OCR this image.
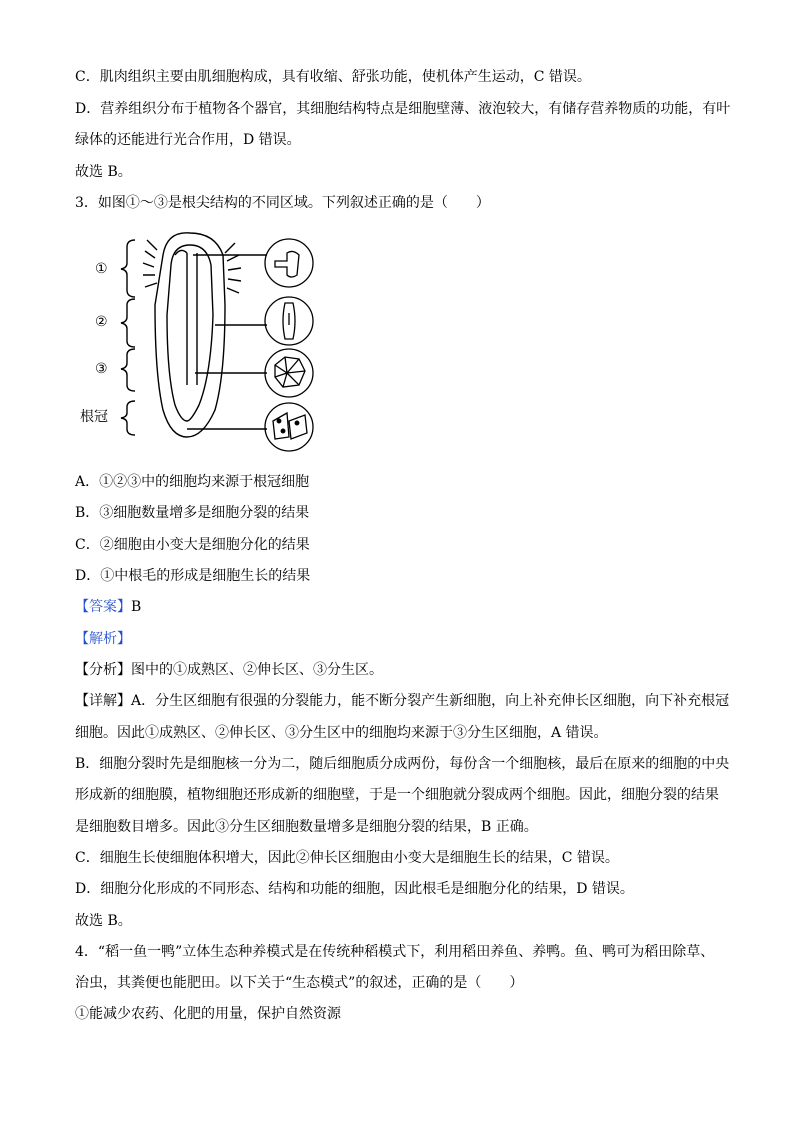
C．肌肉组织主要由肌细胞构成，具有收缩、舒张功能，使机体产生运动，C 错误。
D．营养组织分布于植物各个器官，其细胞结构特点是细胞壁薄、液泡较大，有储存营养物质的功能，有叶
绿体的还能进行光合作用，D 错误。
故选 B。
3．如图①～③是根尖结构的不同区域。下列叙述正确的是（　　）
①
②
③
根冠
A．①②③中的细胞均来源于根冠细胞
B．③细胞数量增多是细胞分裂的结果
C．②细胞由小变大是细胞分化的结果
D．①中根毛的形成是细胞生长的结果
【答案】B
【解析】
【分析】图中的①成熟区、②伸长区、③分生区。
【详解】A．分生区细胞有很强的分裂能力，能不断分裂产生新细胞，向上补充伸长区细胞，向下补充根冠
细胞。因此①成熟区、②伸长区、③分生区中的细胞均来源于③分生区细胞，A 错误。
B．细胞分裂时先是细胞核一分为二，随后细胞质分成两份，每份含一个细胞核，最后在原来的细胞的中央
形成新的细胞膜，植物细胞还形成新的细胞壁，于是一个细胞就分裂成两个细胞。因此，细胞分裂的结果
是细胞数目增多。因此③分生区细胞数量增多是细胞分裂的结果，B 正确。
C．细胞生长使细胞体积增大，因此②伸长区细胞由小变大是细胞生长的结果，C 错误。
D．细胞分化形成的不同形态、结构和功能的细胞，因此根毛是细胞分化的结果，D 错误。
故选 B。
4．“稻一鱼一鸭”立体生态种养模式是在传统种稻模式下，利用稻田养鱼、养鸭。鱼、鸭可为稻田除草、
治虫，其粪便也能肥田。以下关于“生态模式”的叙述，正确的是（　　）
①能减少农药、化肥的用量，保护自然资源
